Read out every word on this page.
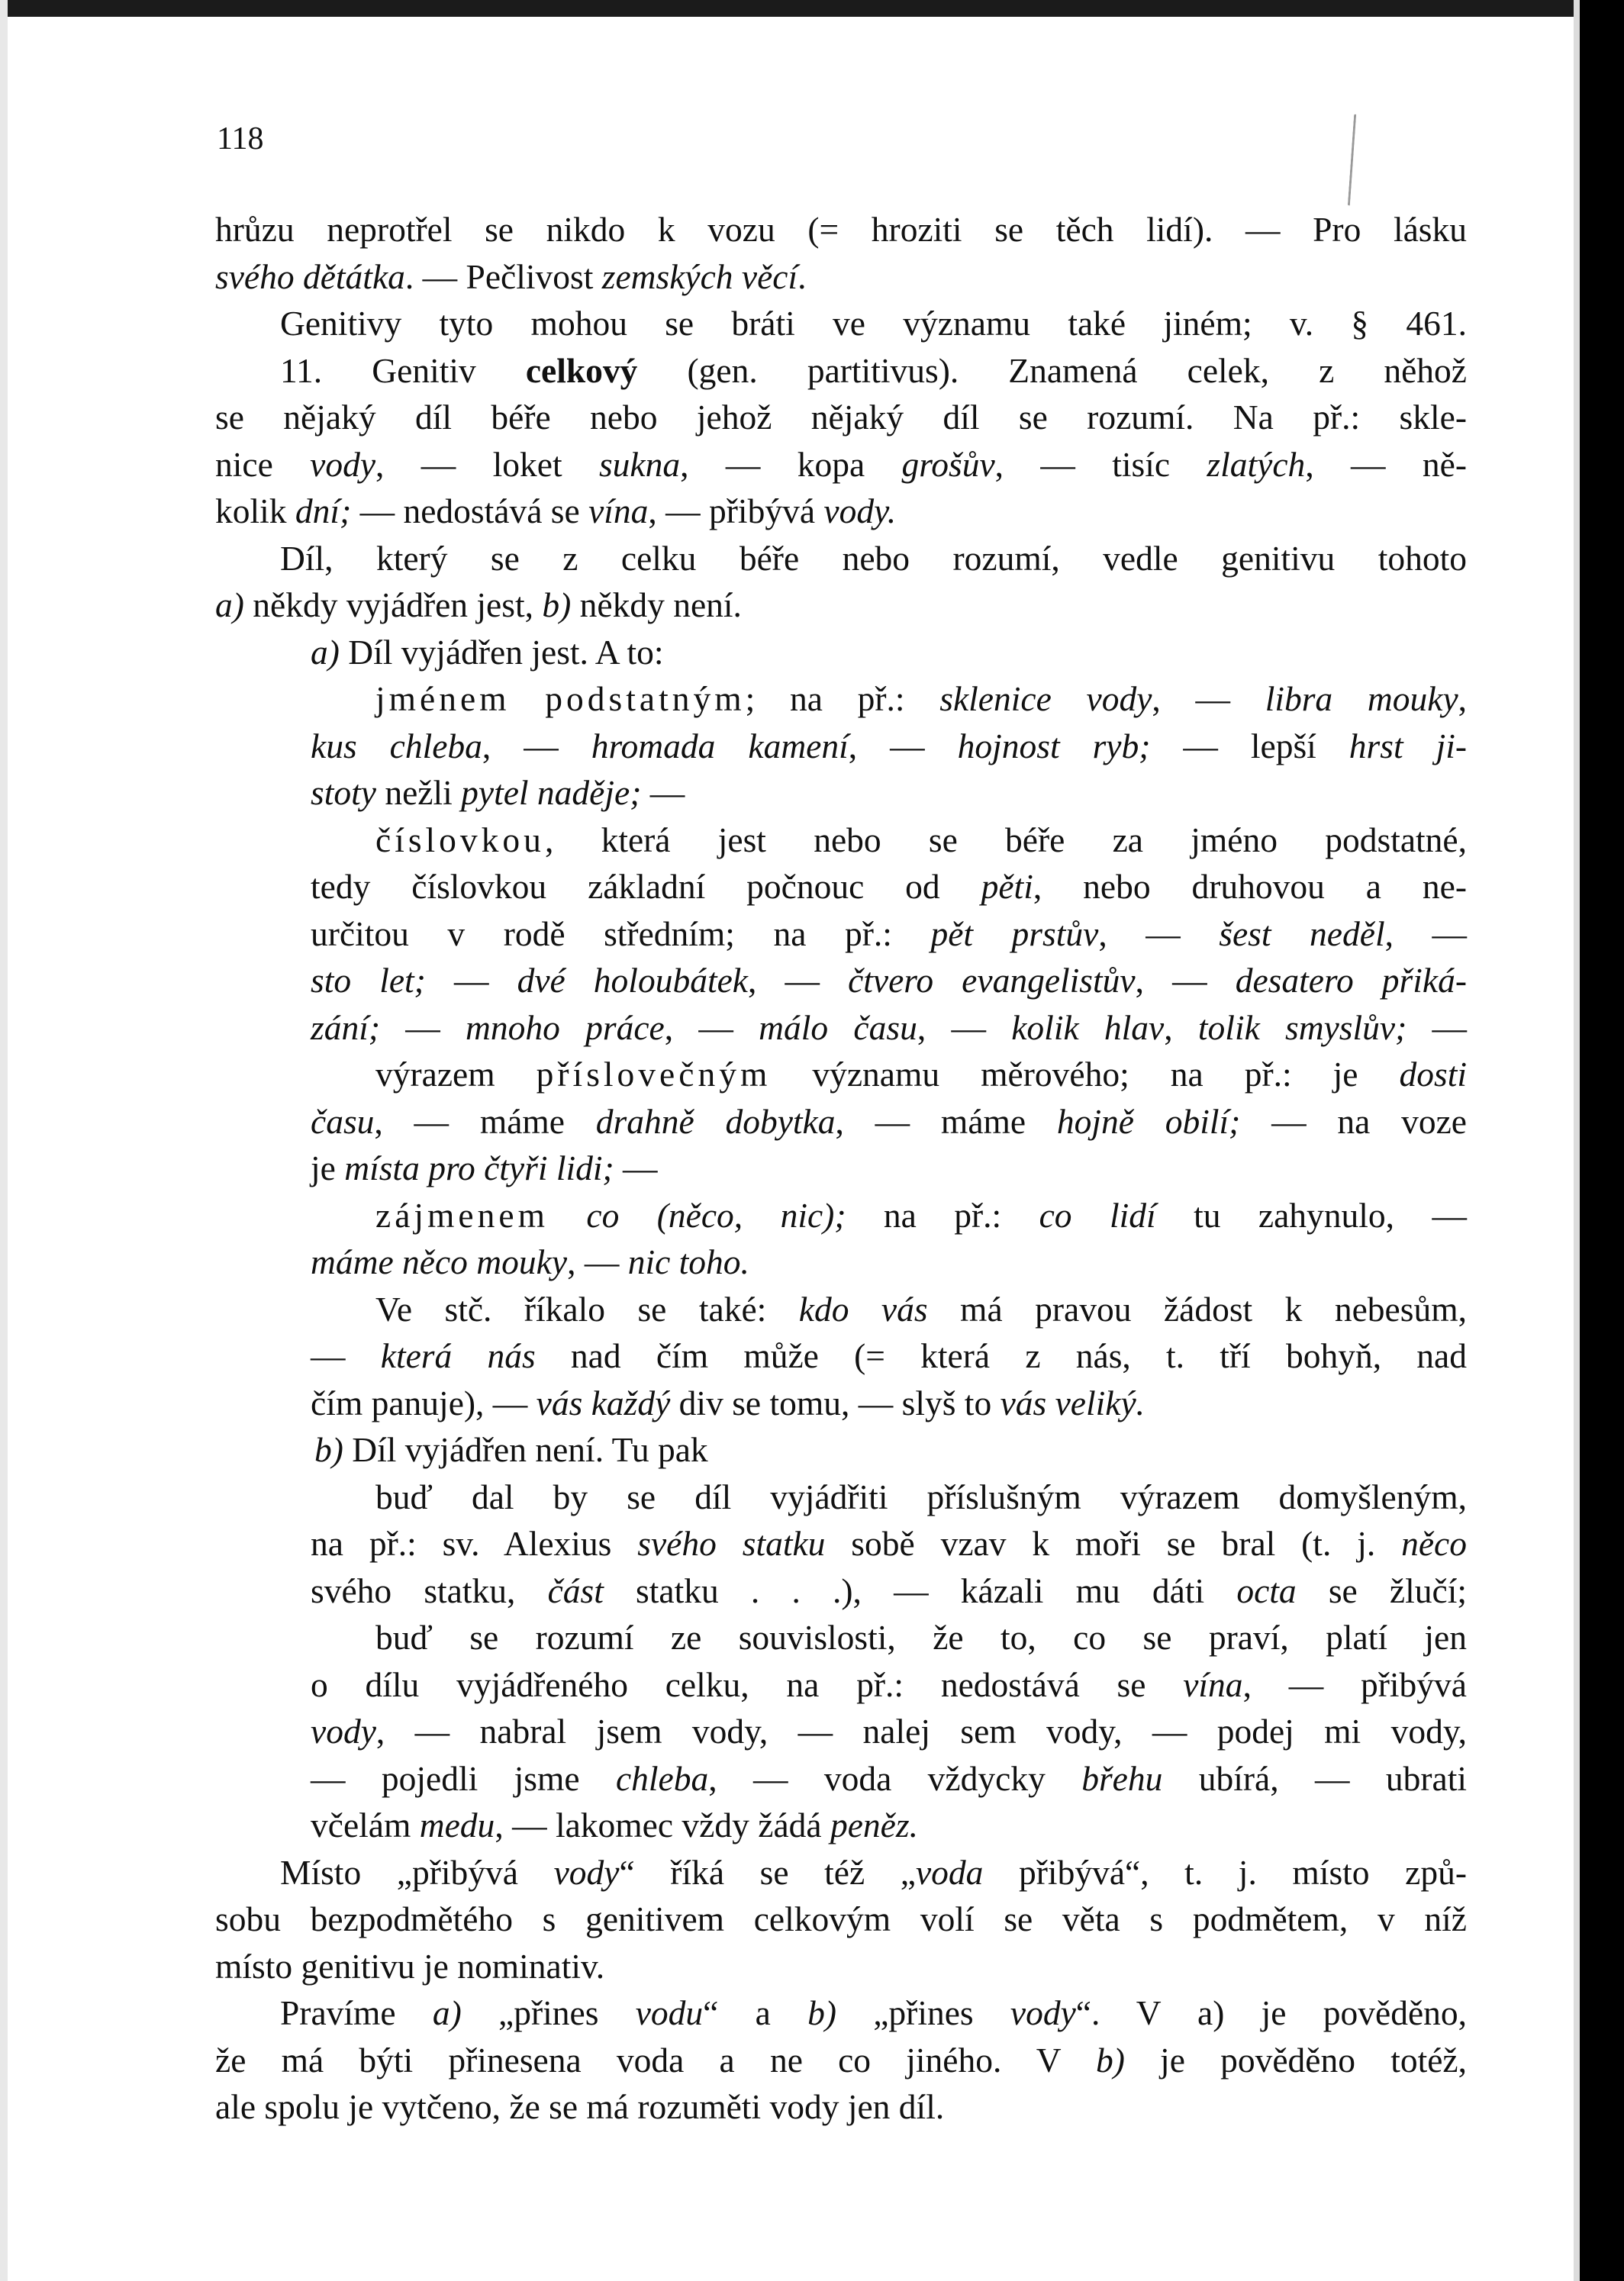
118
hrůzu neprotřel se nikdo k vozu (= hroziti se těch lidí). — Pro lásku
svého dětátka. — Pečlivost zemských věcí.
Genitivy tyto mohou se bráti ve významu také jiném; v. § 461.
11. Genitiv celkový (gen. partitivus). Znamená celek, z něhož
se nějaký díl béře nebo jehož nějaký díl se rozumí. Na př.: skle-
nice vody, — loket sukna, — kopa grošův, — tisíc zlatých, — ně-
kolik dní; — nedostává se vína, — přibývá vody.
Díl, který se z celku béře nebo rozumí, vedle genitivu tohoto
a) někdy vyjádřen jest, b) někdy není.
a) Díl vyjádřen jest. A to:
jménem podstatným; na př.: sklenice vody, — libra mouky,
kus chleba, — hromada kamení, — hojnost ryb; — lepší hrst ji-
stoty nežli pytel naděje; —
číslovkou, která jest nebo se béře za jméno podstatné,
tedy číslovkou základní počnouc od pěti, nebo druhovou a ne-
určitou v rodě středním; na př.: pět prstův, — šest neděl, —
sto let; — dvé holoubátek, — čtvero evangelistův, — desatero přiká-
zání; — mnoho práce, — málo času, — kolik hlav, tolik smyslův; —
výrazem příslovečným významu měrového; na př.: je dosti
času, — máme drahně dobytka, — máme hojně obilí; — na voze
je místa pro čtyři lidi; —
zájmenem co (něco, nic); na př.: co lidí tu zahynulo, —
máme něco mouky, — nic toho.
Ve stč. říkalo se také: kdo vás má pravou žádost k nebesům,
— která nás nad čím může (= která z nás, t. tří bohyň, nad
čím panuje), — vás každý div se tomu, — slyš to vás veliký.
b) Díl vyjádřen není. Tu pak
buď dal by se díl vyjádřiti příslušným výrazem domyšleným,
na př.: sv. Alexius svého statku sobě vzav k moři se bral (t. j. něco
svého statku, část statku . . .), — kázali mu dáti octa se žlučí;
buď se rozumí ze souvislosti, že to, co se praví, platí jen
o dílu vyjádřeného celku, na př.: nedostává se vína, — přibývá
vody, — nabral jsem vody, — nalej sem vody, — podej mi vody,
— pojedli jsme chleba, — voda vždycky břehu ubírá, — ubrati
včelám medu, — lakomec vždy žádá peněz.
Místo „přibývá vody“ říká se též „voda přibývá“, t. j. místo způ-
sobu bezpodmětého s genitivem celkovým volí se věta s podmětem, v níž
místo genitivu je nominativ.
Pravíme a) „přines vodu“ a b) „přines vody“. V a) je pověděno,
že má býti přinesena voda a ne co jiného. V b) je pověděno totéž,
ale spolu je vytčeno, že se má rozuměti vody jen díl.
